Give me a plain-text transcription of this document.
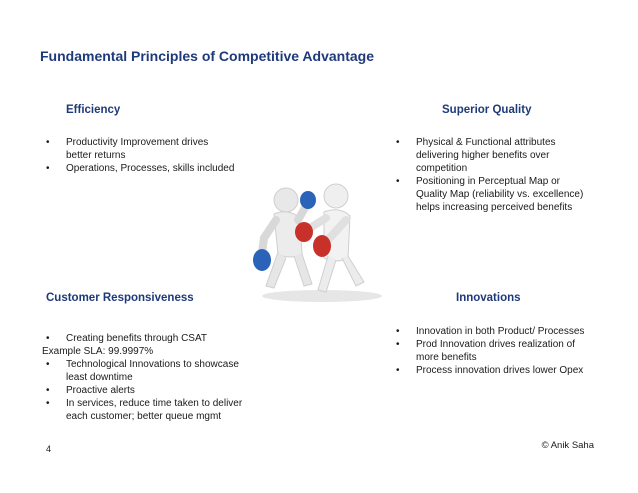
Fundamental Principles of Competitive Advantage
Efficiency
•	Productivity Improvement drives better returns
•	Operations, Processes, skills included
Superior Quality
•	Physical & Functional attributes delivering higher benefits over competition
•	Positioning in Perceptual Map or Quality Map (reliability vs. excellence) helps increasing perceived benefits
Customer Responsiveness
•	Creating benefits through CSAT
Example SLA: 99.9997%
•	Technological Innovations to showcase least downtime
•	Proactive alerts
•	In services, reduce time taken to deliver each customer; better queue mgmt
Innovations
•	Innovation in both Product/ Processes
•	Prod Innovation drives realization of more benefits
•	Process innovation drives lower Opex
4	© Anik Saha
